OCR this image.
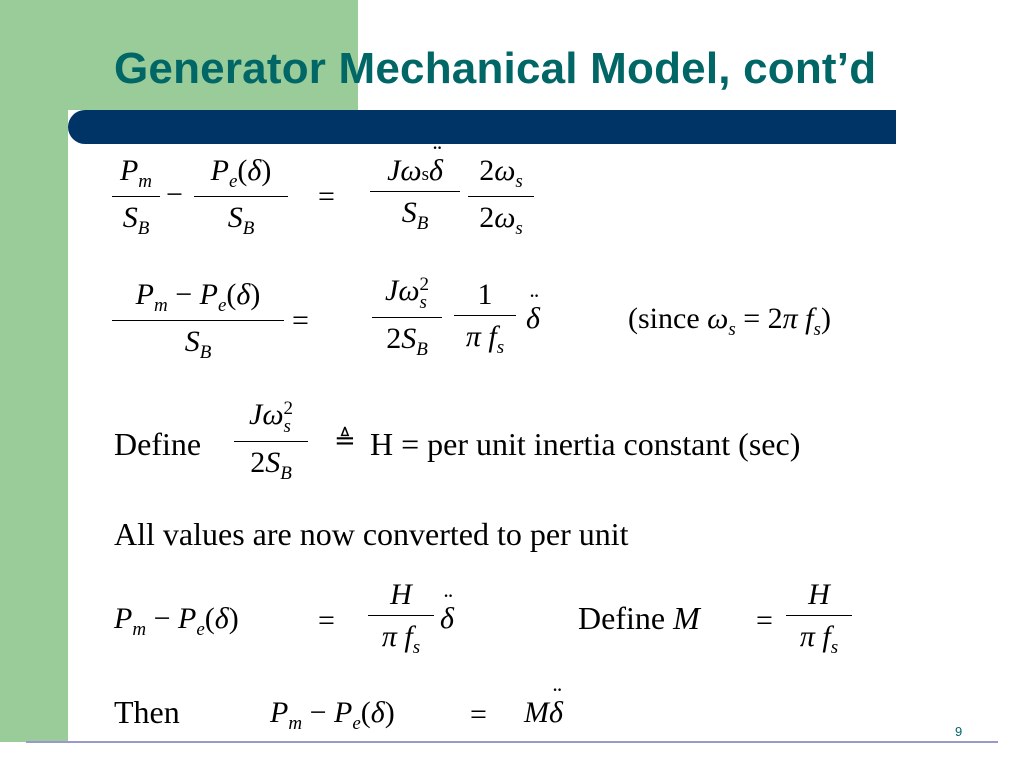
Generator Mechanical Model, cont’d
$\frac{P_m}{S_B} - \frac{P_e(\delta)}{S_B}$ =
Jωs¨ δ
$S_B$	$\frac{2\omega_s}{2\omega_s}$
$\frac{P_m - P_e(\delta)}{S_B}$ =
Jω2
s
$2S_B \frac{1}{\pi f_s}$ ¨ δ	(since $\omega_s = 2\pi$ $f_s$)
Define
Jω2
s
$2S_B$
≜ H = per unit inertia constant (sec)
All values are now converted to per unit
$P_m - P_e(\delta)$	= $\frac{H}{\pi f_s}$ ¨ δ	Define $M = \frac{H}{\pi f_s}$
Then	$P_m - P_e(\delta)$	= M¨ δ
9
